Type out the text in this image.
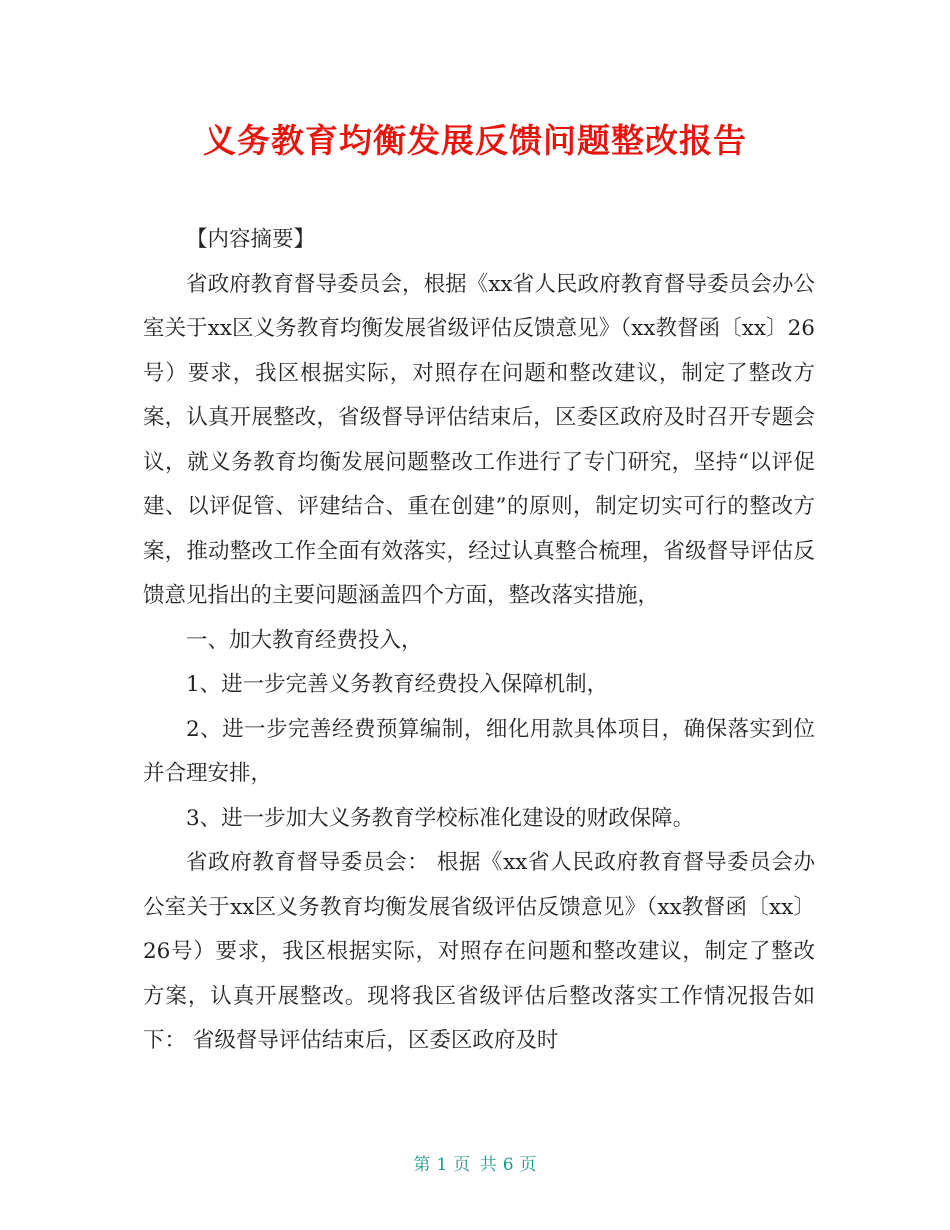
义务教育均衡发展反馈问题整改报告

【内容摘要】

省政府教育督导委员会，根据《xx省人民政府教育督导委员会办公室关于xx区义务教育均衡发展省级评估反馈意见》（xx教督函〔xx〕26号）要求，我区根据实际，对照存在问题和整改建议，制定了整改方案，认真开展整改，省级督导评估结束后，区委区政府及时召开专题会议，就义务教育均衡发展问题整改工作进行了专门研究，坚持“以评促建、以评促管、评建结合、重在创建”的原则，制定切实可行的整改方案，推动整改工作全面有效落实，经过认真整合梳理，省级督导评估反馈意见指出的主要问题涵盖四个方面，整改落实措施，

一、加大教育经费投入，

1、进一步完善义务教育经费投入保障机制，

2、进一步完善经费预算编制，细化用款具体项目，确保落实到位并合理安排，

3、进一步加大义务教育学校标准化建设的财政保障。

省政府教育督导委员会： 根据《xx省人民政府教育督导委员会办公室关于xx区义务教育均衡发展省级评估反馈意见》（xx教督函〔xx〕26号）要求，我区根据实际，对照存在问题和整改建议，制定了整改方案，认真开展整改。现将我区省级评估后整改落实工作情况报告如下： 省级督导评估结束后，区委区政府及时

第 1 页 共 6 页
